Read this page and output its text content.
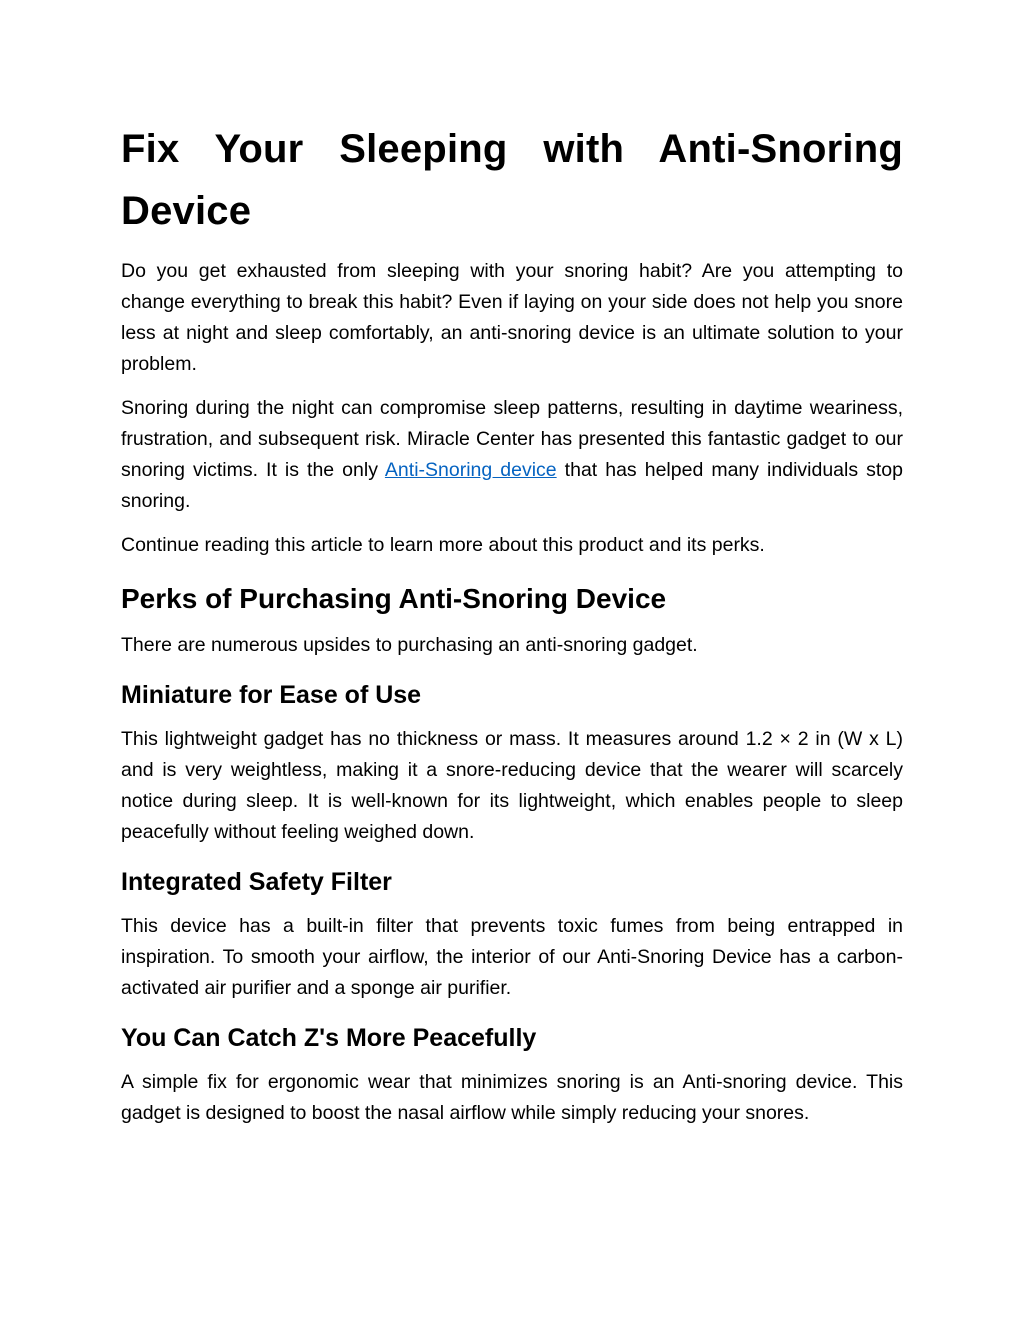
Fix Your Sleeping with Anti-Snoring
Device

Do you get exhausted from sleeping with your snoring habit? Are you attempting to change everything to break this habit? Even if laying on your side does not help you snore less at night and sleep comfortably, an anti-snoring device is an ultimate solution to your problem.

Snoring during the night can compromise sleep patterns, resulting in daytime weariness, frustration, and subsequent risk. Miracle Center has presented this fantastic gadget to our snoring victims. It is the only Anti-Snoring device that has helped many individuals stop snoring.

Continue reading this article to learn more about this product and its perks.

Perks of Purchasing Anti-Snoring Device

There are numerous upsides to purchasing an anti-snoring gadget.

Miniature for Ease of Use

This lightweight gadget has no thickness or mass. It measures around 1.2 × 2 in (W x L) and is very weightless, making it a snore-reducing device that the wearer will scarcely notice during sleep. It is well-known for its lightweight, which enables people to sleep peacefully without feeling weighed down.

Integrated Safety Filter

This device has a built-in filter that prevents toxic fumes from being entrapped in inspiration. To smooth your airflow, the interior of our Anti-Snoring Device has a carbon-activated air purifier and a sponge air purifier.

You Can Catch Z's More Peacefully

A simple fix for ergonomic wear that minimizes snoring is an Anti-snoring device. This gadget is designed to boost the nasal airflow while simply reducing your snores.
